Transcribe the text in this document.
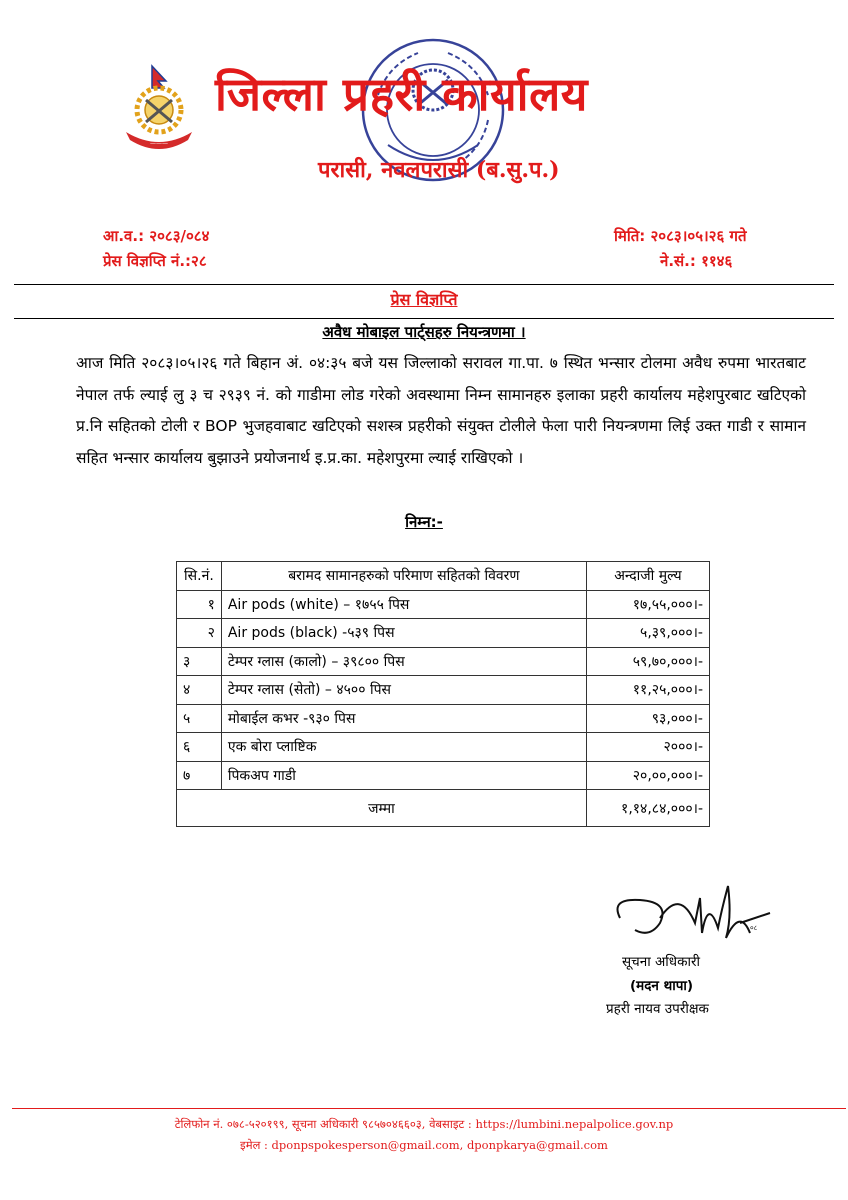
———
जिल्ला प्रहरी कार्यालय
परासी, नवलपरासी (ब.सु.प.)
आ.व.: २०८३/०८४
प्रेस विज्ञप्ति नं.:२८
मिति: २०८३।०५।२६ गते
ने.सं.: ११४६
प्रेस विज्ञप्ति
अवैध मोबाइल पार्ट्सहरु नियन्त्रणमा ।
आज मिति २०८३।०५।२६ गते बिहान अं. ०४:३५ बजे यस जिल्लाको सरावल गा.पा. ७ स्थित भन्सार टोलमा अवैध रुपमा भारतबाट नेपाल तर्फ ल्याई लु ३ च २९३९ नं. को गाडीमा लोड गरेको अवस्थामा निम्न सामानहरु इलाका प्रहरी कार्यालय महेशपुरबाट खटिएको प्र.नि सहितको टोली र BOP भुजहवाबाट खटिएको सशस्त्र प्रहरीको संयुक्त टोलीले फेला पारी नियन्त्रणमा लिई उक्त गाडी र सामान सहित भन्सार कार्यालय बुझाउने प्रयोजनार्थ इ.प्र.का. महेशपुरमा ल्याई राखिएको ।
निम्न:-
सि.नं.	बरामद सामानहरुको परिमाण सहितको विवरण	अन्दाजी मुल्य
१	Air pods (white) – १७५५ पिस	१७,५५,०००।-
२	Air pods (black) -५३९ पिस	५,३९,०००।-
३	टेम्पर ग्लास (कालो) – ३९८०० पिस	५९,७०,०००।-
४	टेम्पर ग्लास (सेतो) – ४५०० पिस	११,२५,०००।-
५	मोबाईल कभर -९३० पिस	९३,०००।-
६	एक बोरा प्लाष्टिक	२०००।-
७	पिकअप गाडी	२०,००,०००।-
जम्मा		१,१४,८४,०००।-
०८
सूचना अधिकारी
(मदन थापा)
प्रहरी नायव उपरीक्षक
टेलिफोन नं. ०७८-५२०१९९, सूचना अधिकारी ९८५७०४६६०३, वेबसाइट : https://lumbini.nepalpolice.gov.np
इमेल : dponpspokesperson@gmail.com, dponpkarya@gmail.com
